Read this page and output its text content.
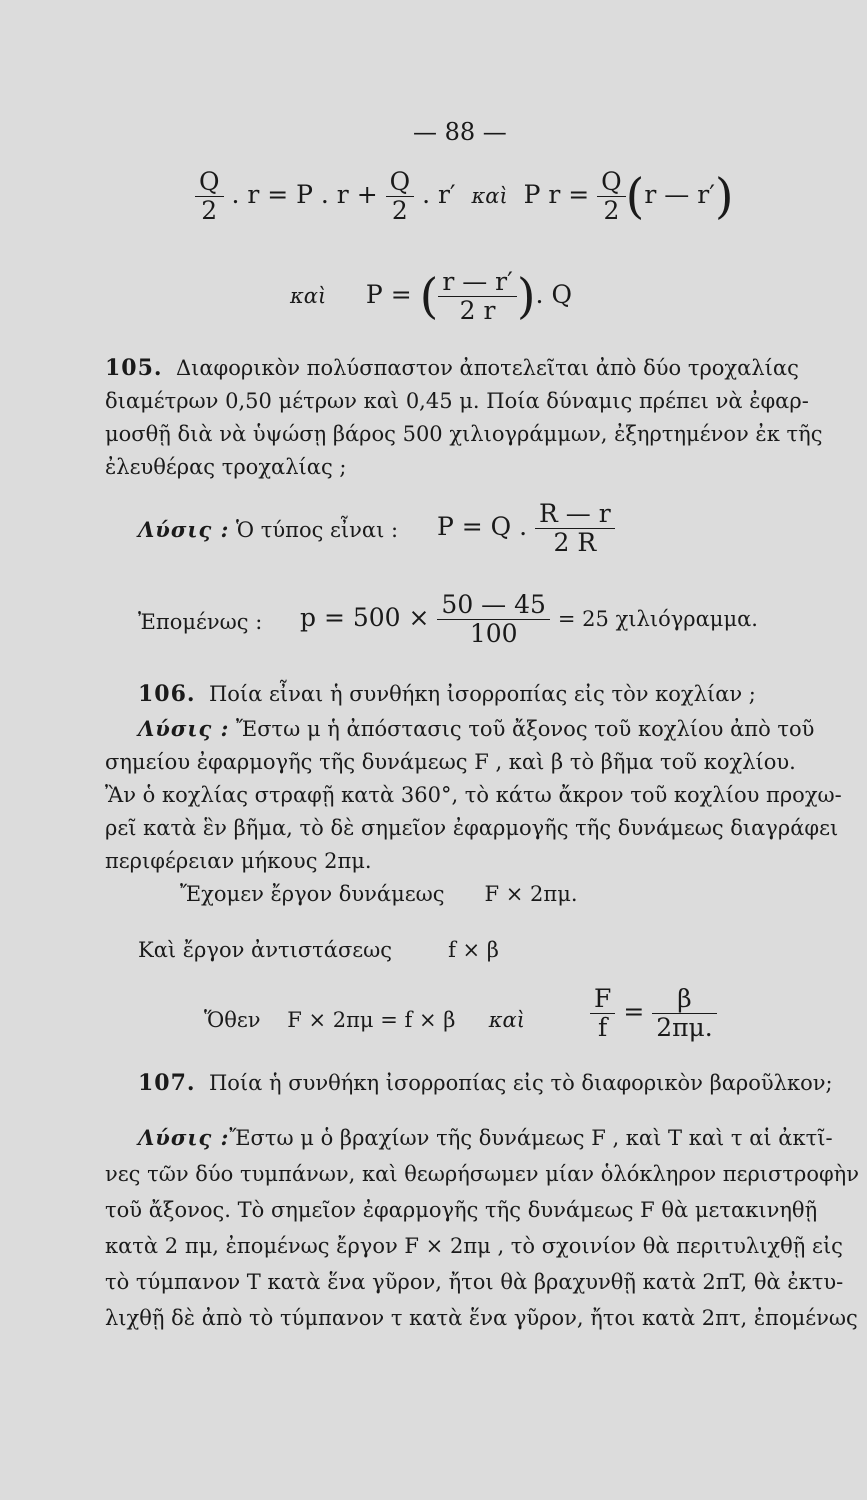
— 88 —
$\frac{Q}{2}$ . r = P . $r + \frac{Q}{2}$ . r′ καὶ P $r = \frac{Q}{2} (r$ — r′)
καὶ P = ( $\frac{r — r'}{2 r}$ ). Q
105. Διαφορικὸν πολύσπαστον ἀποτελεῖται ἀπὸ δύο τροχαλίας
διαμέτρων 0,50 μέτρων καὶ 0,45 μ. Ποία δύναμις πρέπει νὰ ἐφαρ-
μοσθῇ διὰ νὰ ὑψώσῃ βάρος 500 χιλιογράμμων, ἐξηρτημένον ἐκ τῆς
ἐλευθέρας τροχαλίας ;
Λύσις : Ὁ τύπος εἶναι : P = Q . $\frac{R — r}{2 R}$
Ἐπομένως : $p = 500 \times \frac{50 — 45}{100} = 25$ χιλιόγραμμα.
106. Ποία εἶναι ἡ συνθήκη ἰσορροπίας εἰς τὸν κοχλίαν ;
Λύσις : Ἔστω μ ἡ ἀπόστασις τοῦ ἄξονος τοῦ κοχλίου ἀπὸ τοῦ
σημείου ἐφαρμογῆς τῆς δυνάμεως F , καὶ β τὸ βῆμα τοῦ κοχλίου.
Ἂν ὁ κοχλίας στραφῇ κατὰ 360°, τὸ κάτω ἄκρον τοῦ κοχλίου προχω-
ρεῖ κατὰ ἓν βῆμα, τὸ δὲ σημεῖον ἐφαρμογῆς τῆς δυνάμεως διαγράφει
περιφέρειαν μήκους 2πμ.
Ἔχομεν ἔργον δυνάμεως F × 2πμ.
Καὶ ἔργον ἀντιστάσεως	f × β
Ὅθεν F × 2πμ = f × β καὶ	$\frac{F}{f} = \frac{\beta}{2\pi\mu.}$
107. Ποία ἡ συνθήκη ἰσορροπίας εἰς τὸ διαφορικὸν βαροῦλκον;
Λύσις :Ἔστω μ ὁ βραχίων τῆς δυνάμεως F , καὶ T καὶ τ αἱ ἀκτῖ-
νες τῶν δύο τυμπάνων, καὶ θεωρήσωμεν μίαν ὁλόκληρον περιστροφὴν
τοῦ ἄξονος. Τὸ σημεῖον ἐφαρμογῆς τῆς δυνάμεως F θὰ μετακινηθῇ
κατὰ 2 πμ, ἐπομένως ἔργον F × 2πμ , τὸ σχοινίον θὰ περιτυλιχθῇ εἰς
τὸ τύμπανον T κατὰ ἕνα γῦρον, ἤτοι θὰ βραχυνθῇ κατὰ 2πT, θὰ ἐκτυ-
λιχθῇ δὲ ἀπὸ τὸ τύμπανον τ κατὰ ἕνα γῦρον, ἤτοι κατὰ 2πτ, ἐπομένως
